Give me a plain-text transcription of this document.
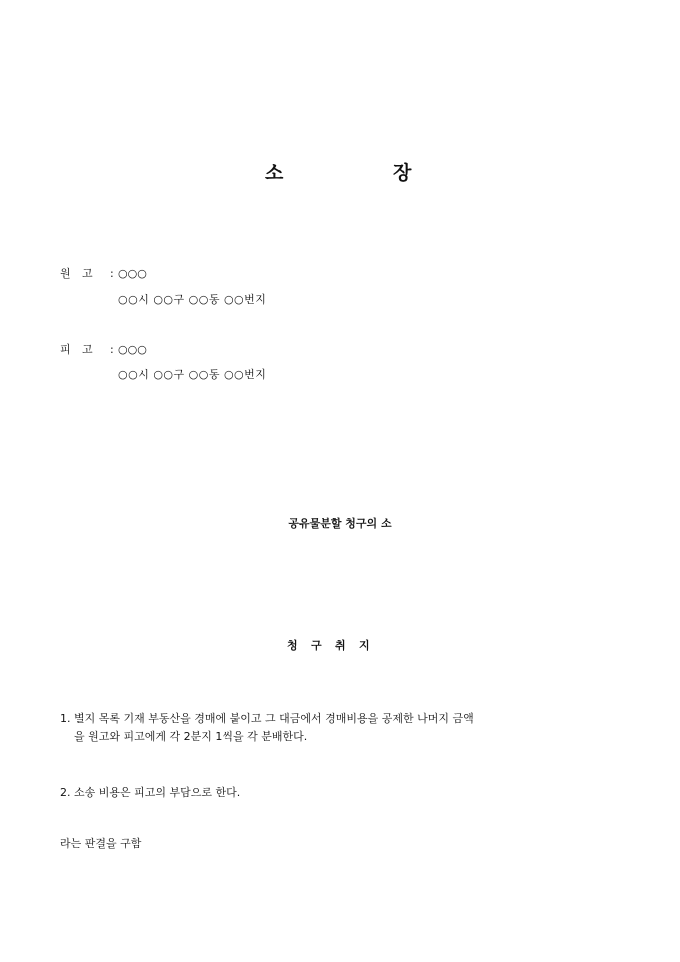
소	장
원 고 : ○○○
○○시 ○○구 ○○동 ○○번지
피 고 : ○○○
○○시 ○○구 ○○동 ○○번지
공유물분할 청구의 소
청 구 취 지
1. 별지 목록 기재 부동산을 경매에 붙이고 그 대금에서 경매비용을 공제한 나머지 금액
을 원고와 피고에게 각 2분지 1씩을 각 분배한다.
2. 소송 비용은 피고의 부담으로 한다.
라는 판결을 구함
